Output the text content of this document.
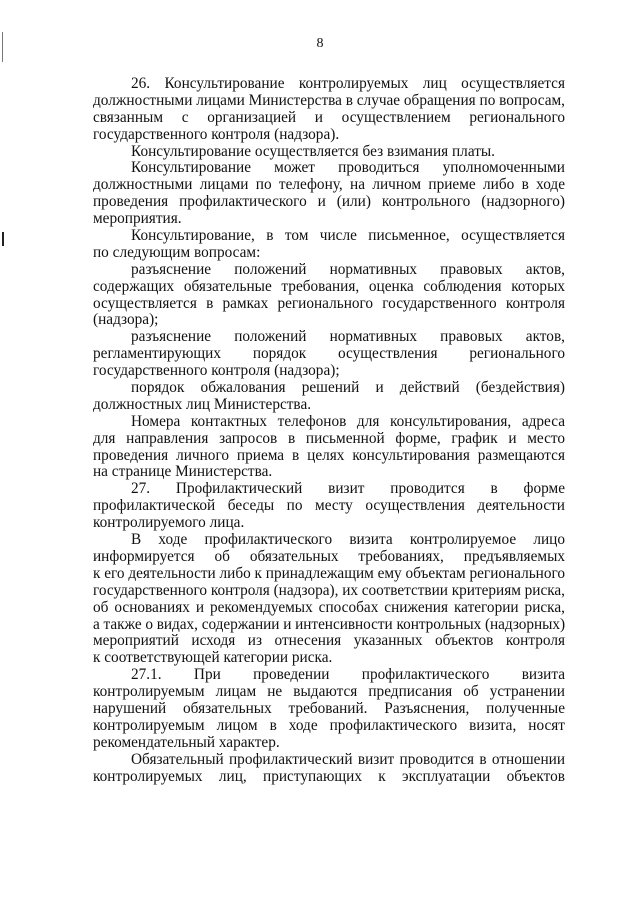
8
26. Консультирование контролируемых лиц осуществляется
должностными лицами Министерства в случае обращения по вопросам,
связанным с организацией и осуществлением регионального
государственного контроля (надзора).
Консультирование осуществляется без взимания платы.
Консультирование может проводиться уполномоченными
должностными лицами по телефону, на личном приеме либо в ходе
проведения профилактического и (или) контрольного (надзорного)
мероприятия.
Консультирование, в том числе письменное, осуществляется
по следующим вопросам:
разъяснение положений нормативных правовых актов,
содержащих обязательные требования, оценка соблюдения которых
осуществляется в рамках регионального государственного контроля
(надзора);
разъяснение положений нормативных правовых актов,
регламентирующих порядок осуществления регионального
государственного контроля (надзора);
порядок обжалования решений и действий (бездействия)
должностных лиц Министерства.
Номера контактных телефонов для консультирования, адреса
для направления запросов в письменной форме, график и место
проведения личного приема в целях консультирования размещаются
на странице Министерства.
27. Профилактический визит проводится в форме
профилактической беседы по месту осуществления деятельности
контролируемого лица.
В ходе профилактического визита контролируемое лицо
информируется об обязательных требованиях, предъявляемых
к его деятельности либо к принадлежащим ему объектам регионального
государственного контроля (надзора), их соответствии критериям риска,
об основаниях и рекомендуемых способах снижения категории риска,
а также о видах, содержании и интенсивности контрольных (надзорных)
мероприятий исходя из отнесения указанных объектов контроля
к соответствующей категории риска.
27.1. При проведении профилактического визита
контролируемым лицам не выдаются предписания об устранении
нарушений обязательных требований. Разъяснения, полученные
контролируемым лицом в ходе профилактического визита, носят
рекомендательный характер.
Обязательный профилактический визит проводится в отношении
контролируемых лиц, приступающих к эксплуатации объектов
